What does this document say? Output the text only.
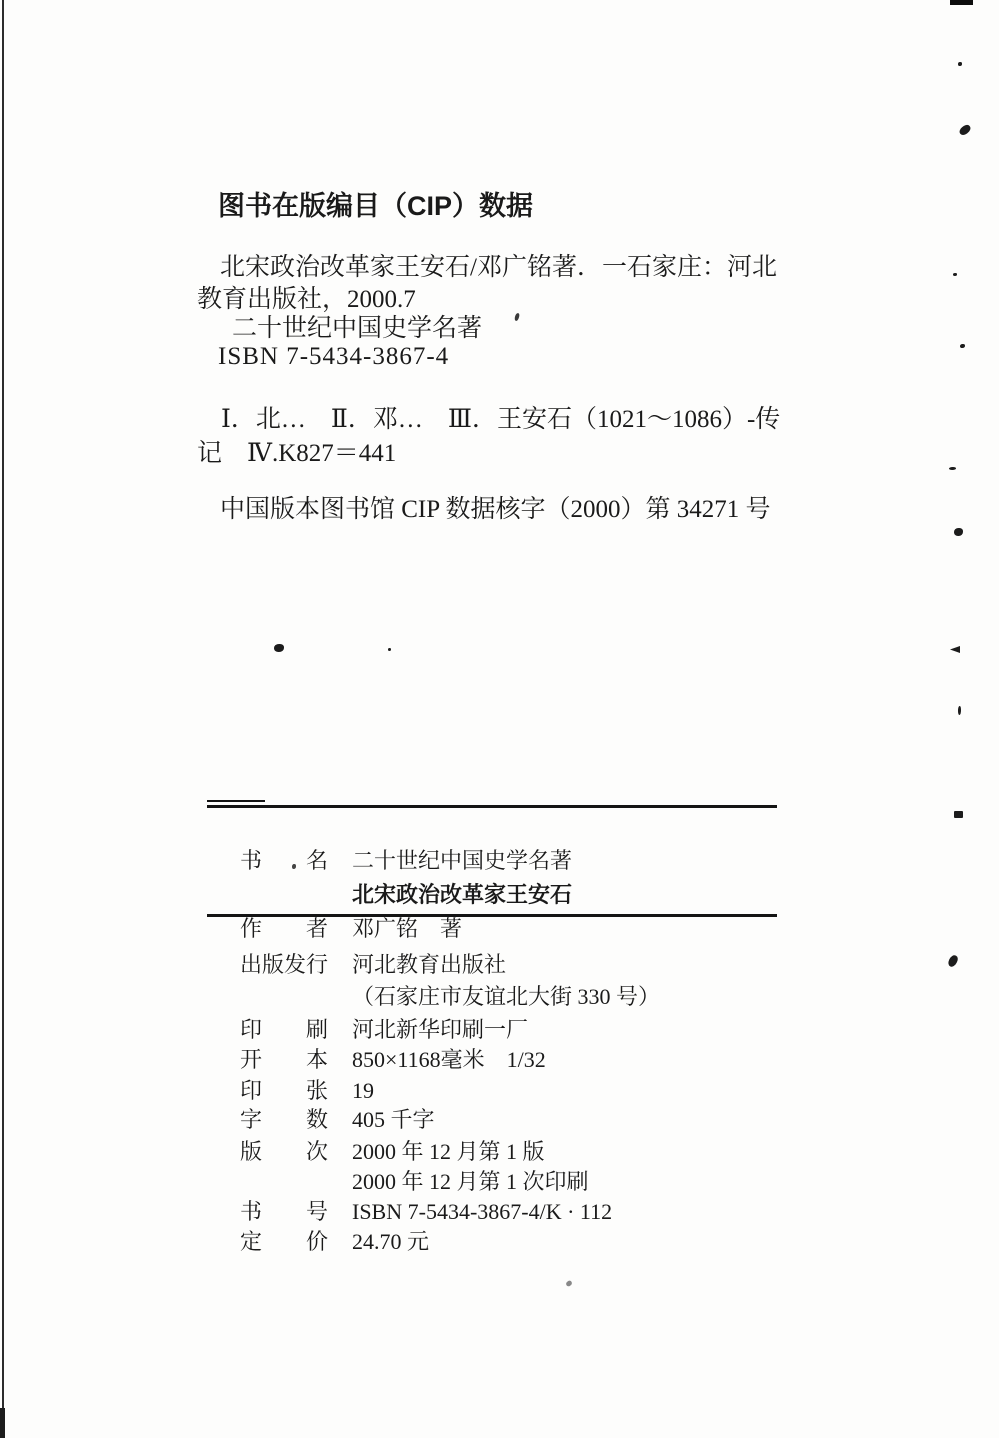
图书在版编目（CIP）数据
北宋政治改革家王安石/邓广铭著．一石家庄：河北
教育出版社，2000.7
二十世纪中国史学名著
ISBN 7-5434-3867-4
Ⅰ．北…　Ⅱ．邓…　Ⅲ．王安石（1021～1086）-传
记　Ⅳ.K827＝441
中国版本图书馆 CIP 数据核字（2000）第 34271 号

书　　名 二十世纪中国史学名著

北宋政治改革家王安石

作　　者 邓广铭　著

出版发行 河北教育出版社

（石家庄市友谊北大街 330 号）

印　　刷 河北新华印刷一厂

开　　本 850×1168毫米　1/32

印　　张 19

字　　数 405 千字

版　　次 2000 年 12 月第 1 版

2000 年 12 月第 1 次印刷

书　　号 ISBN 7-5434-3867-4/K · 112

定　　价 24.70 元
